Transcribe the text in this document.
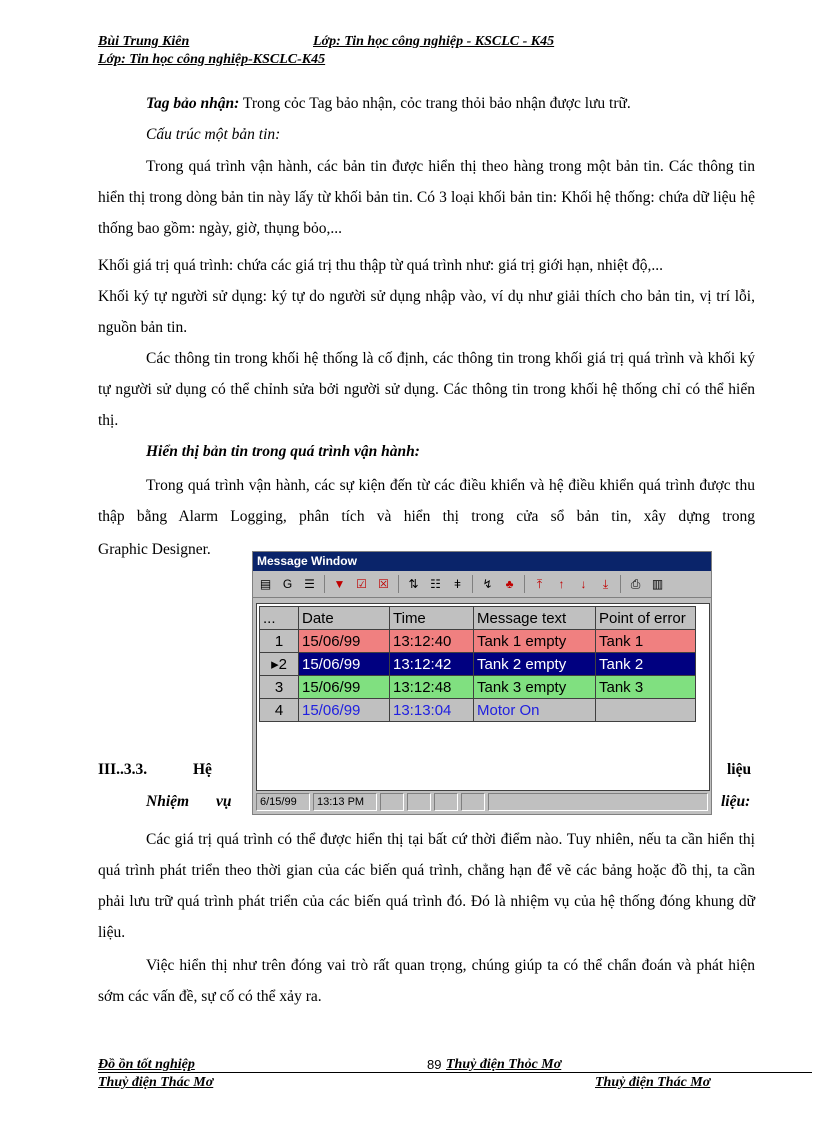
Bùi Trung Kiên	Lớp: Tin học công nghiệp - KSCLC - K45
Lớp: Tin học công nghiệp-KSCLC-K45
Tag bảo nhận: Trong cỏc Tag bảo nhận, cỏc trang thỏi bảo nhận được lưu trữ.
Cấu trúc một bản tin:
Trong quá trình vận hành, các bản tin được hiển thị theo hàng trong một bản tin. Các thông tin hiển thị trong dòng bản tin này lấy từ khối bản tin. Có 3 loại khối bản tin: Khối hệ thống: chứa dữ liệu hệ thống bao gồm: ngày, giờ, thụng bỏo,...
Khối giá trị quá trình: chứa các giá trị thu thập từ quá trình như: giá trị giới hạn, nhiệt độ,...
Khối ký tự người sử dụng: ký tự do người sử dụng nhập vào, ví dụ như giải thích cho bản tin, vị trí lỗi, nguồn bản tin.
Các thông tin trong khối hệ thống là cố định, các thông tin trong khối giá trị quá trình và khối ký tự người sử dụng có thể chỉnh sửa bởi người sử dụng. Các thông tin trong khối hệ thống chỉ có thể hiển thị.
Hiển thị bản tin trong quá trình vận hành:
Trong quá trình vận hành, các sự kiện đến từ các điều khiển và hệ điều khiển quá trình được thu thập bằng Alarm Logging, phân tích và hiển thị trong cửa sổ bản tin, xây dựng trong
Graphic Designer.
Message Window
▤ G ☰	▼ ☑ ☒	⇅ ☷	ǂ	↯	♣	⤒	↑	↓	⤓	⎙ ▥
...	Date	Time	Message text	Point of error
1	15/06/99	13:12:40	Tank 1 empty	Tank 1
▸2	15/06/99	13:12:42	Tank 2 empty	Tank 2
3	15/06/99	13:12:48	Tank 3 empty	Tank 3
4	15/06/99	13:13:04	Motor On	
6/15/99	13:13 PM
III..3.3.	Hệ	liệu
Nhiệm vụ	liệu:
Các giá trị quá trình có thể được hiển thị tại bất cứ thời điểm nào. Tuy nhiên, nếu ta cần hiển thị quá trình phát triển theo thời gian của các biến quá trình, chẳng hạn để vẽ các bảng hoặc đồ thị, ta cần phải lưu trữ quá trình phát triển của các biến quá trình đó. Đó là nhiệm vụ của hệ thống đóng khung dữ liệu.
Việc hiển thị như trên đóng vai trò rất quan trọng, chúng giúp ta có thể chẩn đoán và phát hiện sớm các vấn đề, sự cố có thể xảy ra.
Đồ ồn tốt nghiệp	89 Thuỷ điện Thỏc Mơ
Thuỷ điện Thác Mơ	Thuỷ điện Thác Mơ
